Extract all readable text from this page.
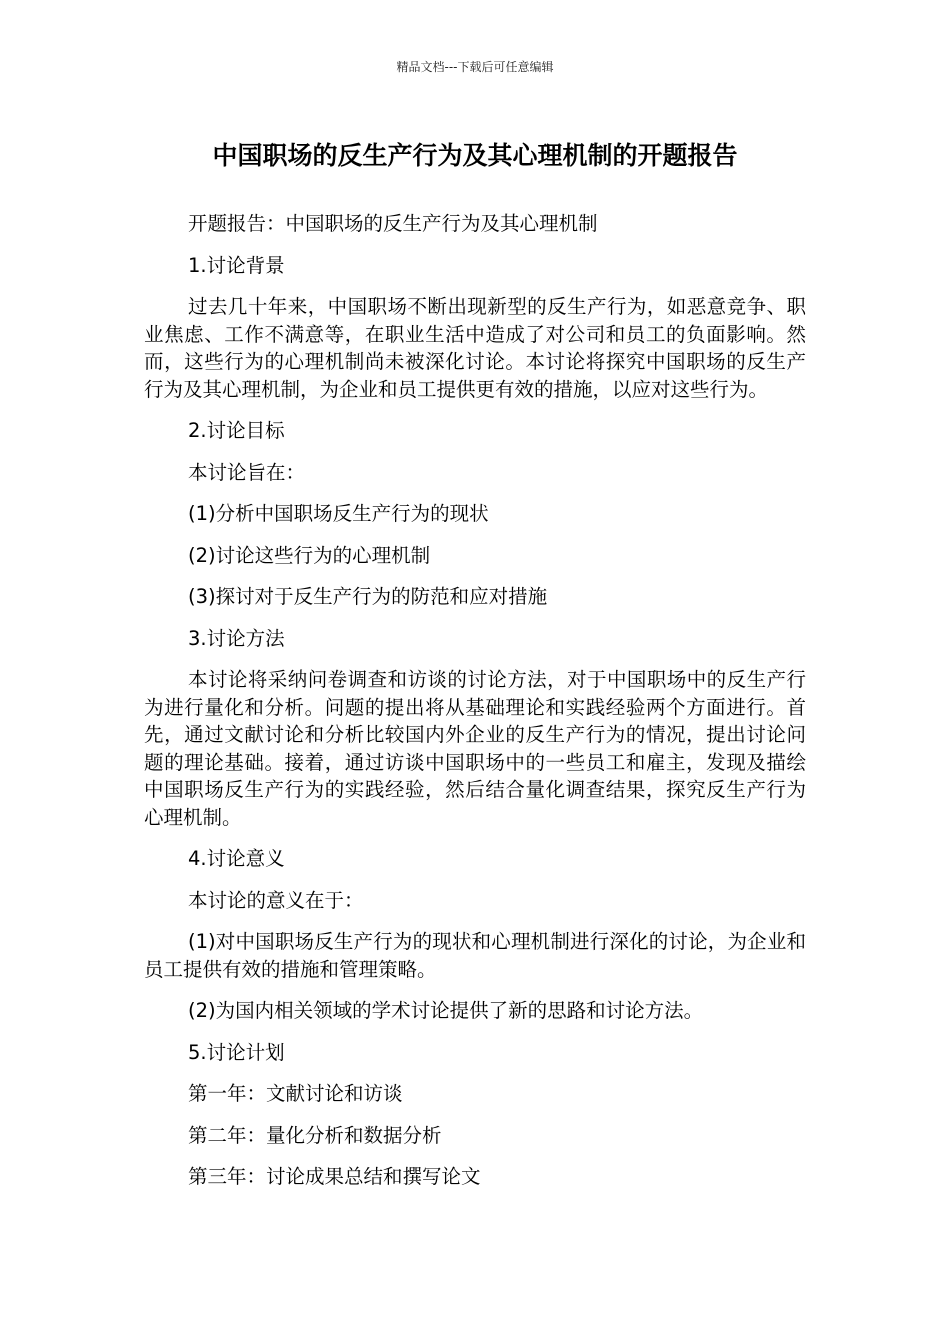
精品文档---下载后可任意编辑
中国职场的反生产行为及其心理机制的开题报告

开题报告：中国职场的反生产行为及其心理机制

1.讨论背景

过去几十年来，中国职场不断出现新型的反生产行为，如恶意竞争、职业焦虑、工作不满意等，在职业生活中造成了对公司和员工的负面影响。然而，这些行为的心理机制尚未被深化讨论。本讨论将探究中国职场的反生产行为及其心理机制，为企业和员工提供更有效的措施，以应对这些行为。

2.讨论目标

本讨论旨在：

(1)分析中国职场反生产行为的现状

(2)讨论这些行为的心理机制

(3)探讨对于反生产行为的防范和应对措施

3.讨论方法

本讨论将采纳问卷调查和访谈的讨论方法，对于中国职场中的反生产行为进行量化和分析。问题的提出将从基础理论和实践经验两个方面进行。首先，通过文献讨论和分析比较国内外企业的反生产行为的情况，提出讨论问题的理论基础。接着，通过访谈中国职场中的一些员工和雇主，发现及描绘中国职场反生产行为的实践经验，然后结合量化调查结果，探究反生产行为心理机制。

4.讨论意义

本讨论的意义在于：

(1)对中国职场反生产行为的现状和心理机制进行深化的讨论，为企业和员工提供有效的措施和管理策略。

(2)为国内相关领域的学术讨论提供了新的思路和讨论方法。

5.讨论计划

第一年：文献讨论和访谈

第二年：量化分析和数据分析

第三年：讨论成果总结和撰写论文
